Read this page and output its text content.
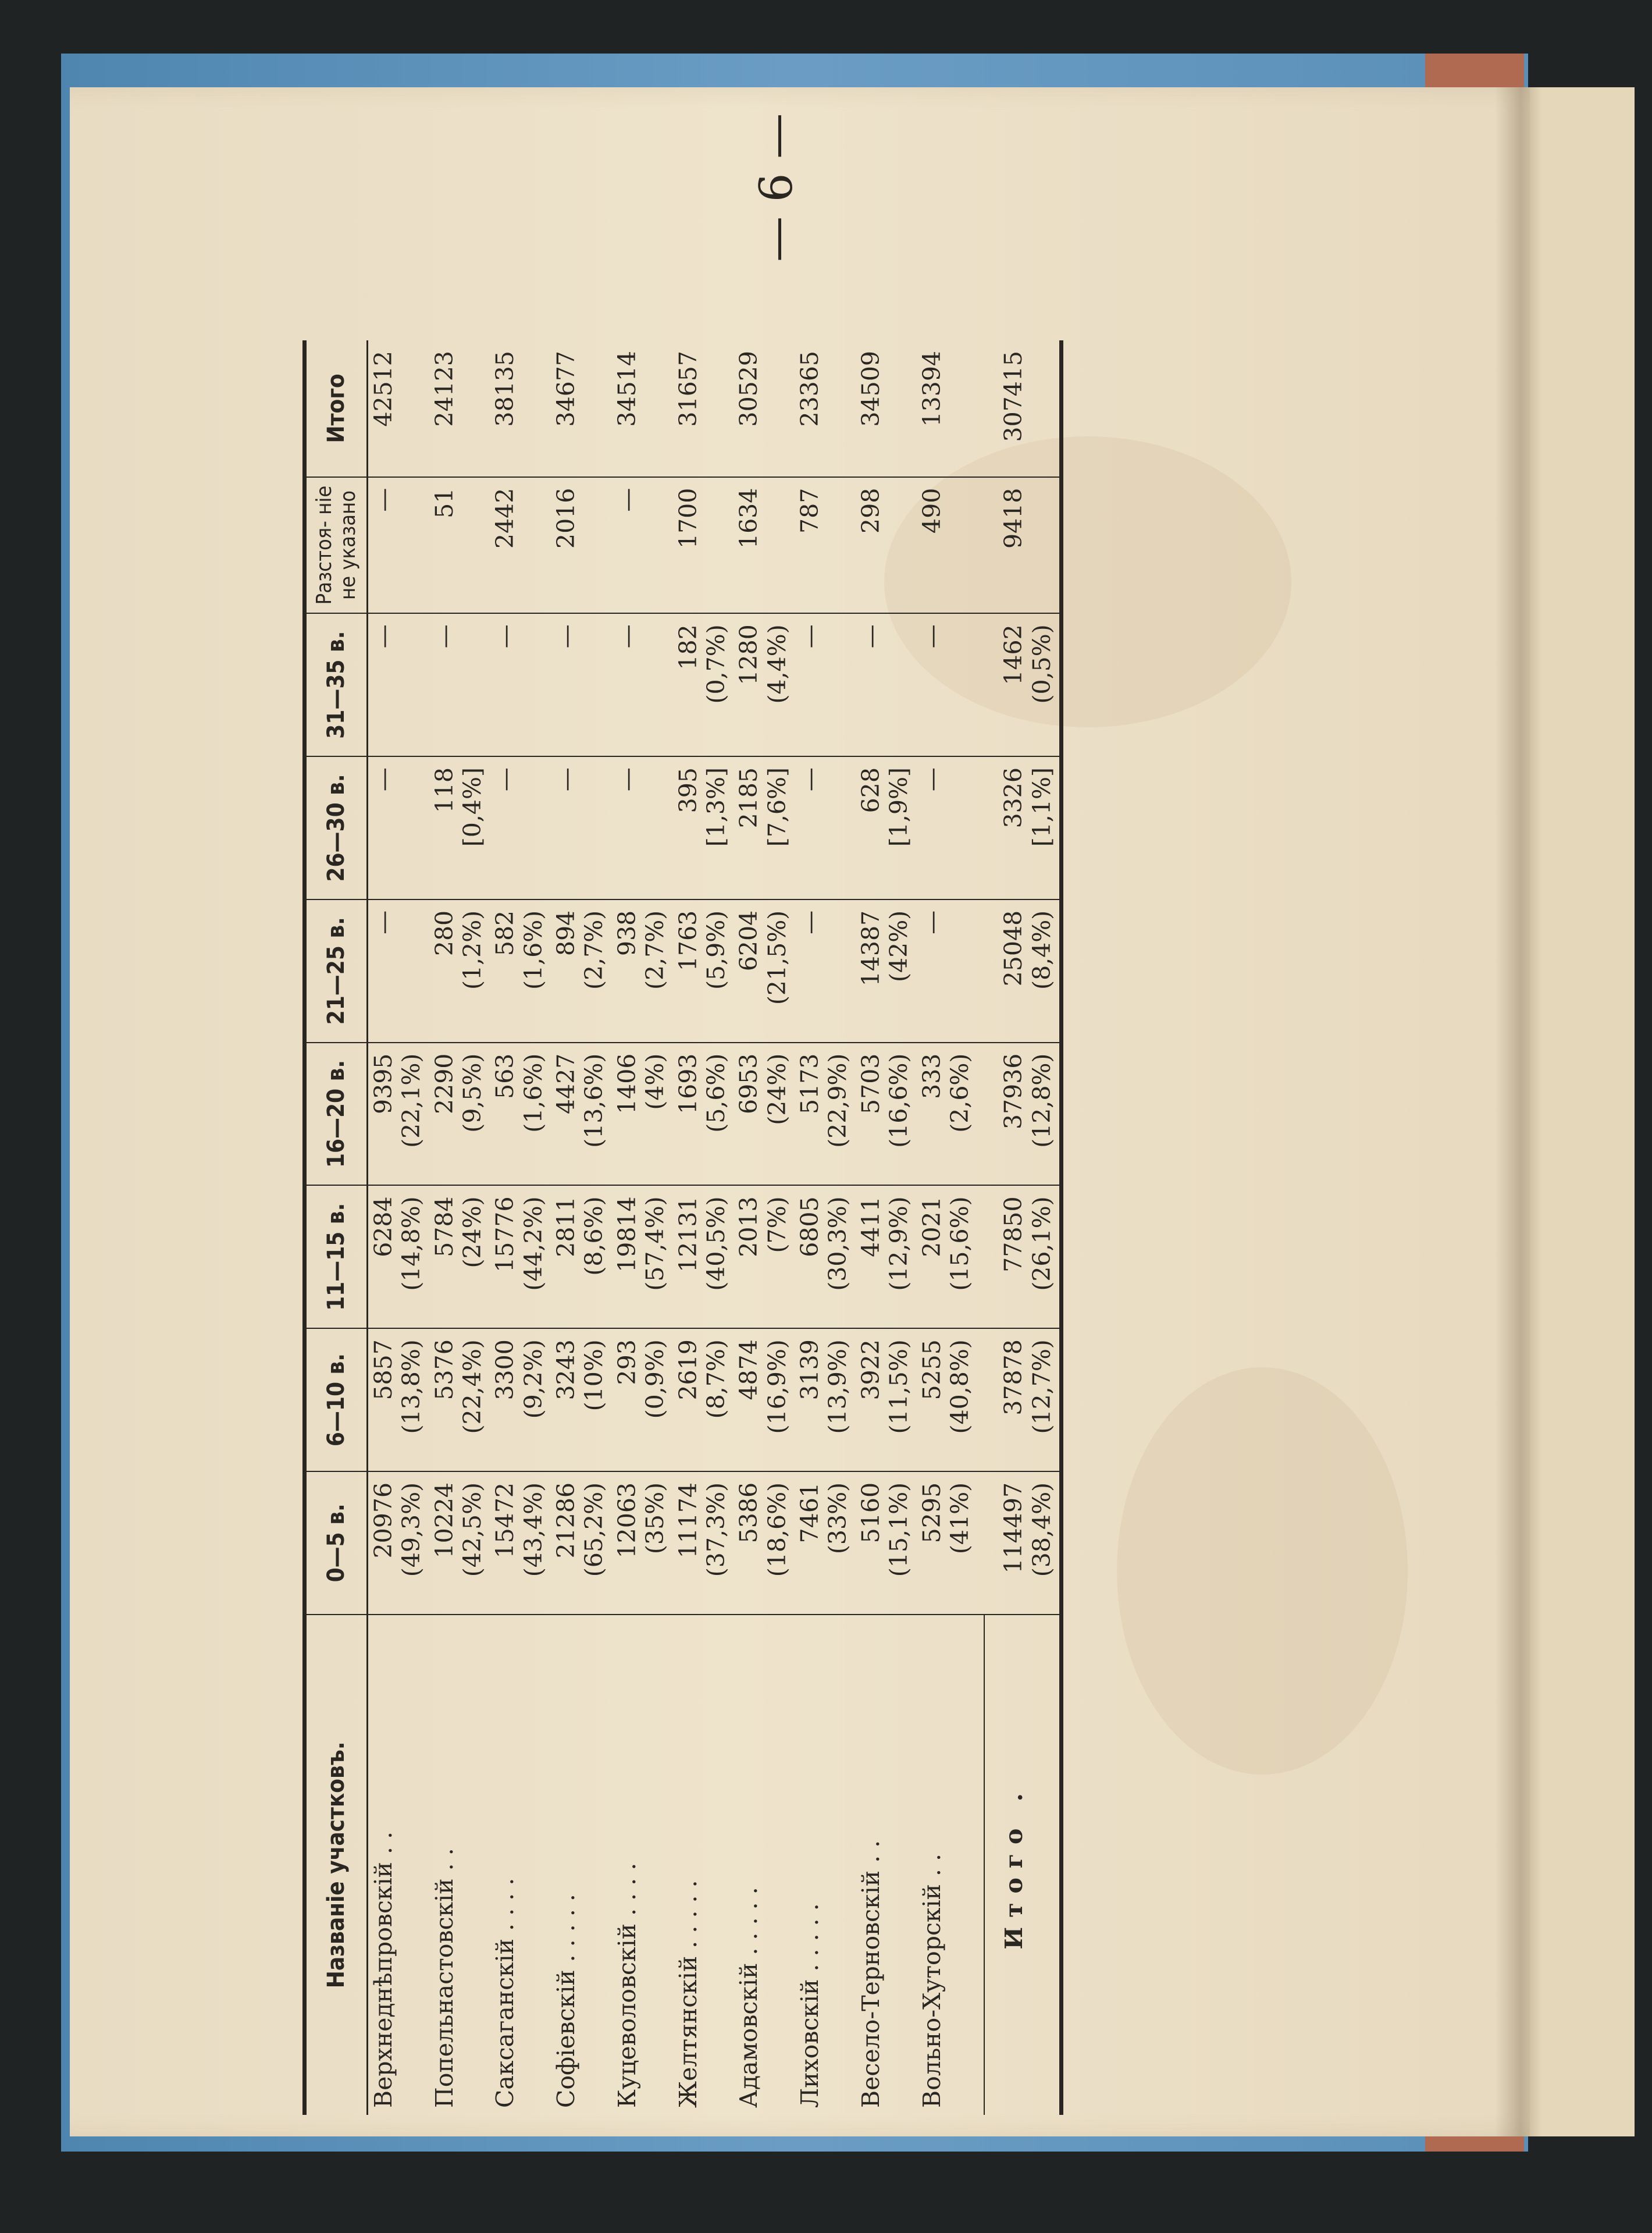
Названіе участковъ.	0—5 в.	6—10 в.	11—15 в.	16—20 в.	21—25 в.	26—30 в.	31—35 в.	Разстоя- ніе не указано	Итого
Верхнеднѣпровскій . .	20976 (49,3%)	5857 (13,8%)	6284 (14,8%)	9395 (22,1%)	—	—	—	—	42512
Попельнастовскій . .	10224 (42,5%)	5376 (22,4%)	5784 (24%)	2290 (9,5%)	280 (1,2%)	118 [0,4%]	—	51	24123
Саксаганскій . . . .	15472 (43,4%)	3300 (9,2%)	15776 (44,2%)	563 (1,6%)	582 (1,6%)	—	—	2442	38135
Софіевскій . . . . .	21286 (65,2%)	3243 (10%)	2811 (8,6%)	4427 (13,6%)	894 (2,7%)	—	—	2016	34677
Куцеволовскій . . . .	12063 (35%)	293 (0,9%)	19814 (57,4%)	1406 (4%)	938 (2,7%)	—	—	—	34514
Желтянскій . . . . .	11174 (37,3%)	2619 (8,7%)	12131 (40,5%)	1693 (5,6%)	1763 (5,9%)	395 [1,3%]	182 (0,7%)	1700	31657
Адамовскій . . . . .	5386 (18,6%)	4874 (16,9%)	2013 (7%)	6953 (24%)	6204 (21,5%)	2185 [7,6%]	1280 (4,4%)	1634	30529
Лиховскій . . . . .	7461 (33%)	3139 (13,9%)	6805 (30,3%)	5173 (22,9%)	—	—	—	787	23365
Весело-Терновскій . .	5160 (15,1%)	3922 (11,5%)	4411 (12,9%)	5703 (16,6%)	14387 (42%)	628 [1,9%]	—	298	34509
Вольно-Хуторскій . .	5295 (41%)	5255 (40,8%)	2021 (15,6%)	333 (2,6%)	—	—	—	490	13394
Итого .	114497 (38,4%)	37878 (12,7%)	77850 (26,1%)	37936 (12,8%)	25048 (8,4%)	3326 [1,1%]	1462 (0,5%)	9418	307415
— 6 —
